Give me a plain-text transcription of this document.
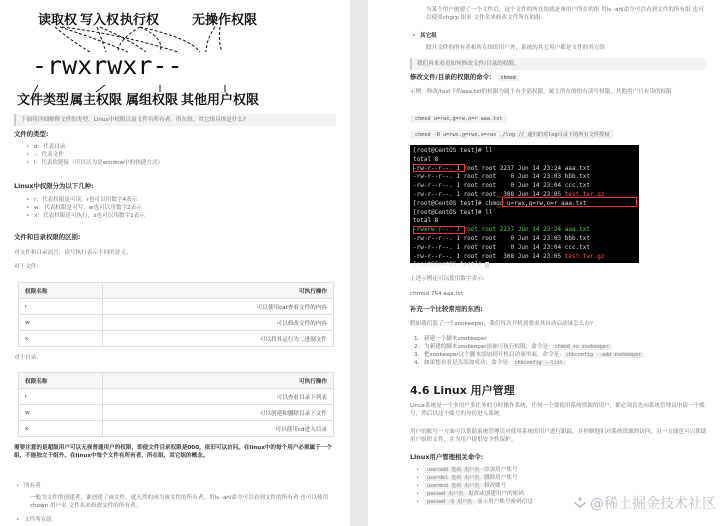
读取权 写入权 执行权	无操作权限
-rwxrwxr--
文件类型 属主权限 属组权限 其他用户权限
下面将详细解释文件的类型、Linux中权限以及文件有所有者、所在组、其它组具体是什么?
文件的类型:
• d：代表目录
• -：代表文件
• l：代表软链接（可以认为是window中的快捷方式）
Linux中权限分为以下几种:
• r：代表权限是可读，r也可以用数字4表示
• w：代表权限是可写，w也可以用数字2表示
• x：代表权限是可执行，x也可以用数字1表示
文件和目录权限的区别:
对文件和目录而言，读写执行表示不同的意义。
对于文件:
权限名称	可执行操作
r	可以使用cat查看文件的内容
w	可以修改文件的内容
x	可以将其运行为二进制文件
对于目录:
权限名称	可执行操作
r	可以查看目录下列表
w	可以创建和删除目录下文件
x	可以使用cd进入目录
需要注意的是超级用户可以无视普通用户的权限，即使文件目录权限是000，依旧可以访问。在linux中的每个用户必须属于一个组，不能独立于组外。在linux中每个文件有所有者、所在组、其它组的概念。
• 所有者
一般为文件的创建者，谁创建了该文件，就天然的成为该文件的所有者，用ls -ahl命令可以看到文件的所有者 也可以使用chown 用户名 文件名来修改文件的所有者。
• 文件所在组
当某个用户创建了一个文件后，这个文件的所在组就是该用户所在的组 用ls -ahl命令可以看到文件的所有组 也可以使用chgrp 组名 文件名来修改文件所在的组。
• 其它组
除开文件的所有者和所在组的用户外，系统的其它用户都是文件的其它组
我们再来看看如何修改文件/目录的权限。
修改文件/目录的权限的命令： chmod
示例：修改/test下的aaa.txt的权限为属主有全部权限，属主所在的组有读写权限，其他用户只有读的权限
chmod u=rwx,g=rw,o=r aaa.txt
chmod -R u=rwx,g=rwx,o=rwx ./log // 递归的对log目录下的所有文件授权
[root@CentOS test]# ll
total 8
-rw-r--r--. 1 root root 2237 Jun 14 23:24 aaa.txt
-rw-r--r--. 1 root root    0 Jun 14 23:03 bbb.txt
-rw-r--r--. 1 root root    0 Jun 14 23:04 ccc.txt
-rw-r--r--. 1 root root  308 Jun 14 23:05 test.tar.gz
[root@CentOS test]# chmod u=rwx,g=rw,o=r aaa.txt
[root@CentOS test]# ll
total 8
-rwxrw-r--. 1 root root 2237 Jun 14 23:24 aaa.txt
-rw-r--r--. 1 root root    0 Jun 14 23:03 bbb.txt
-rw-r--r--. 1 root root    0 Jun 14 23:04 ccc.txt
-rw-r--r--. 1 root root  308 Jun 14 23:05 test.tar.gz
[root@CentOS test]#
上述示例还可以使用数字表示:
chmod 764 aaa.txt
补充一个比较常用的东西:
假如我们装了一个zookeeper，我们每次开机到要求其自动启动该怎么办?
1. 新建一个脚本zookeeper
2. 为新建的脚本zookeeper添加可执行权限，命令是: chmod +x zookeeper
3. 把zookeeper这个脚本添加到开机启动项里面，命令是: chkconfig --add zookeeper
4. 如果想看看是否添加成功，命令是: chkconfig --list
4.6 Linux 用户管理
Linux系统是一个多用户多任务的分时操作系统，任何一个要使用系统资源的用户，都必须首先向系统管理员申请一个账号，然后以这个账号的身份进入系统。
用户的账号一方面可以帮助系统管理员对使用系统的用户进行跟踪，并控制他们对系统资源的访问；另一方面也可以帮助用户组织文件，并为用户提供安全性保护。
Linux用户管理相关命令:
• useradd 选项 用户名 :添加用户账号
• userdel 选项 用户名 :删除用户账号
• usermod 选项 用户名 :修改账号
• passwd 用户名 :更改或创建用户的密码
• passwd -S 用户名 :显示用户账号密码信息	@稀土掘金技术社区
